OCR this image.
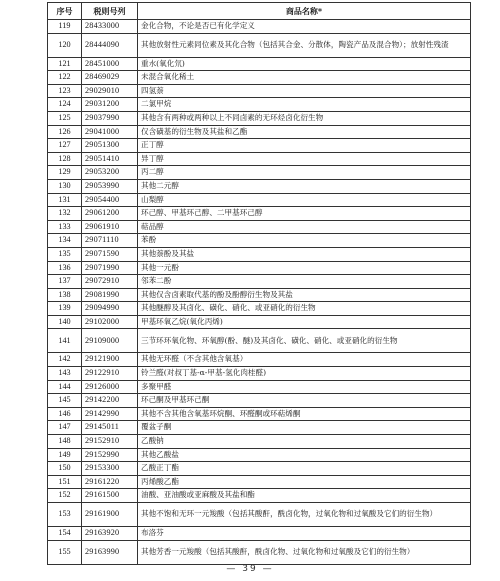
序号	税则号列	商品名称*
119	28433000	金化合物，不论是否已有化学定义
120	28444090	其他放射性元素同位素及其化合物（包括其合金、分散体，陶瓷产品及混合物）；放射性残渣
121	28451000	重水(氧化氘)
122	28469029	未混合氧化稀土
123	29029010	四氢萘
124	29031200	二氯甲烷
125	29037990	其他含有两种或两种以上不同卤素的无环烃卤化衍生物
126	29041000	仅含磺基的衍生物及其盐和乙酯
127	29051300	正丁醇
128	29051410	异丁醇
129	29053200	丙二醇
130	29053990	其他二元醇
131	29054400	山梨醇
132	29061200	环己醇、甲基环己醇、二甲基环己醇
133	29061910	萜品醇
134	29071110	苯酚
135	29071590	其他萘酚及其盐
136	29071990	其他一元酚
137	29072910	邻苯二酚
138	29081990	其他仅含卤素取代基的酚及酚醇衍生物及其盐
139	29094990	其他醚醇及其卤化、磺化、硝化、或亚硝化的衍生物
140	29102000	甲基环氧乙烷(氧化丙烯)
141	29109000	三节环环氧化物、环氧醇(酚、醚)及其卤化、磺化、硝化、或亚硝化的衍生物
142	29121900	其他无环醛（不含其他含氧基）
143	29122910	铃兰醛(对叔丁基-α-甲基-氢化肉桂醛)
144	29126000	多聚甲醛
145	29142200	环己酮及甲基环己酮
146	29142990	其他不含其他含氧基环烷酮、环醛酮或环萜烯酮
147	29145011	覆盆子酮
148	29152910	乙酸钠
149	29152990	其他乙酸盐
150	29153300	乙酸正丁酯
151	29161220	丙烯酸乙酯
152	29161500	油酸、亚油酸或亚麻酸及其盐和酯
153	29161900	其他不饱和无环一元羧酸（包括其酸酐，酰卤化物，过氧化物和过氧酸及它们的衍生物）
154	29163920	布洛芬
155	29163990	其他芳香一元羧酸（包括其酸酐，酰卤化物、过氧化物和过氧酸及它们的衍生物）
— 39 —
